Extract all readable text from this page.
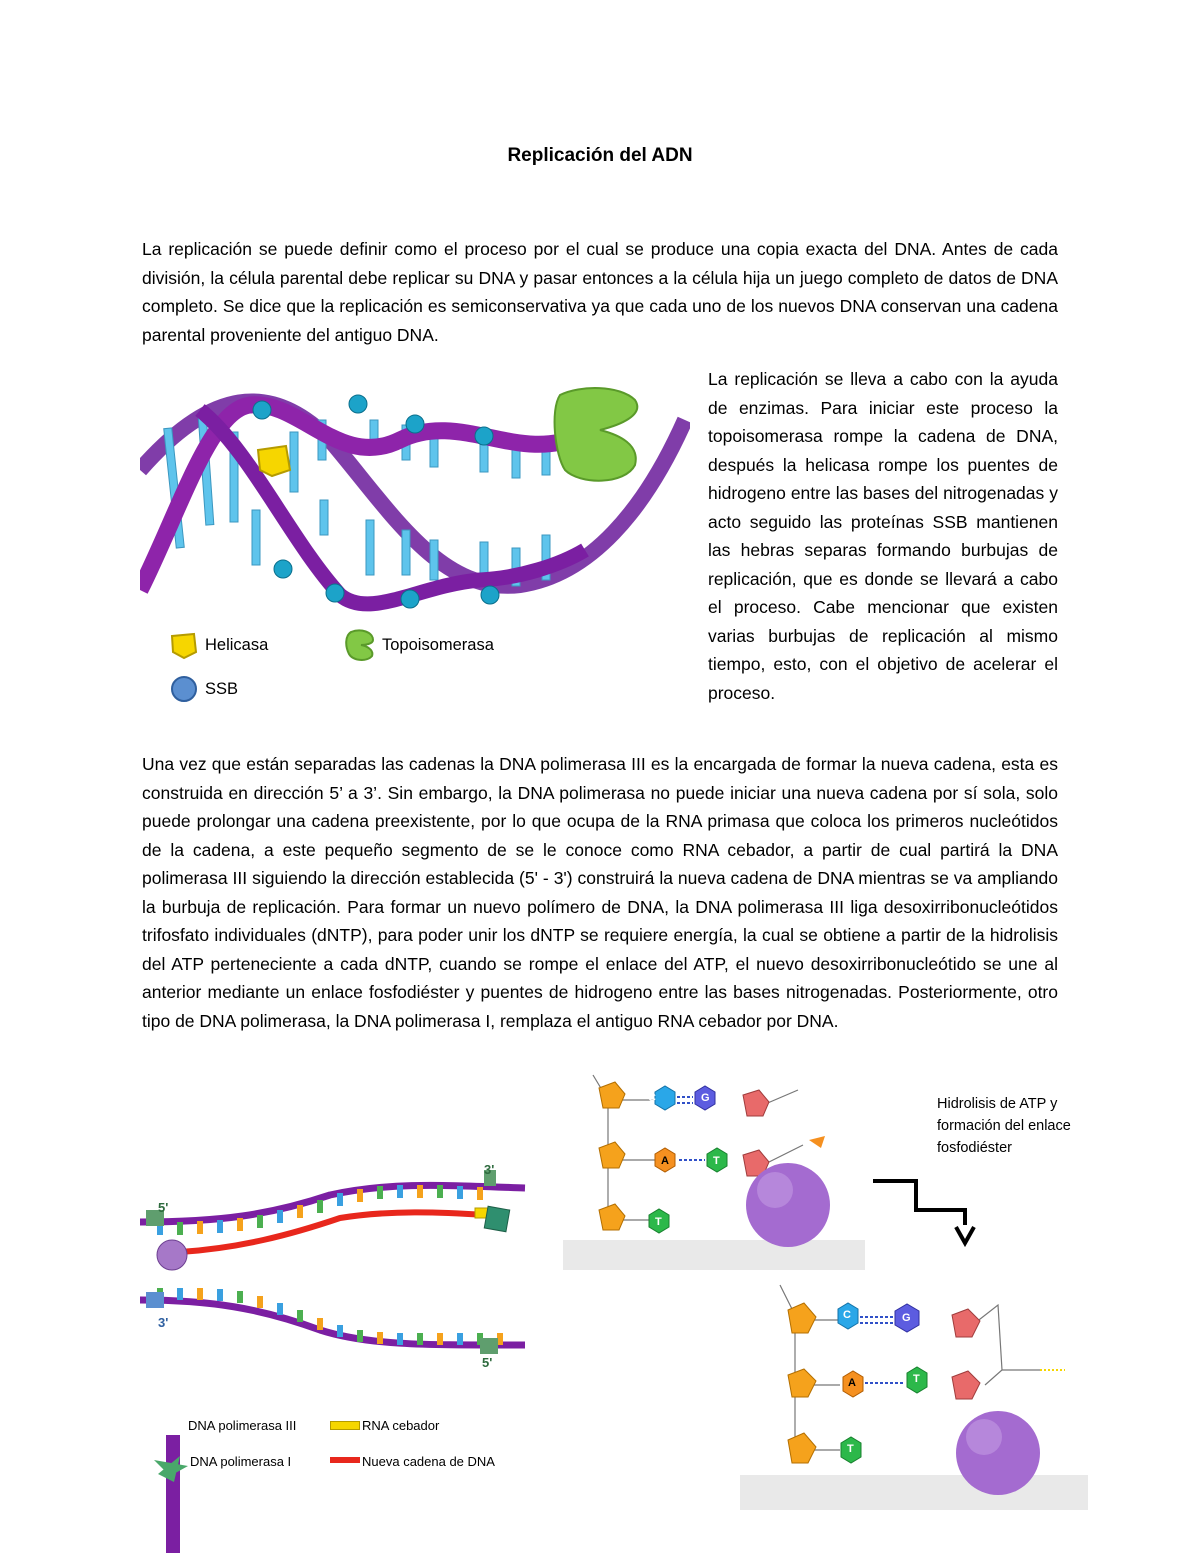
Replicación del ADN
La replicación se puede definir como el proceso por el cual se produce una copia exacta del DNA. Antes de cada división, la célula parental debe replicar su DNA y pasar entonces a la célula hija un juego completo de datos de DNA completo. Se dice que la replicación es semiconservativa ya que cada uno de los nuevos DNA conservan una cadena parental proveniente del antiguo DNA.
Helicasa	Topoisomerasa
SSB
La replicación se lleva a cabo con la ayuda de enzimas. Para iniciar este proceso la topoisomerasa rompe la cadena de DNA, después la helicasa rompe los puentes de hidrogeno entre las bases del nitrogenadas y acto seguido las proteínas SSB mantienen las hebras separas formando burbujas de replicación, que es donde se llevará a cabo el proceso. Cabe mencionar que existen varias burbujas de replicación al mismo tiempo, esto, con el objetivo de acelerar el proceso.
Una vez que están separadas las cadenas la DNA polimerasa III es la encargada de formar la nueva cadena, esta es construida en dirección 5’ a 3’. Sin embargo, la DNA polimerasa no puede iniciar una nueva cadena por sí sola, solo puede prolongar una cadena preexistente, por lo que ocupa de la RNA primasa que coloca los primeros nucleótidos de la cadena, a este pequeño segmento de se le conoce como RNA cebador, a partir de cual partirá la DNA polimerasa III siguiendo la dirección establecida (5' - 3') construirá la nueva cadena de DNA mientras se va ampliando la burbuja de replicación. Para formar un nuevo polímero de DNA, la DNA polimerasa III liga desoxirribonucleótidos trifosfato individuales (dNTP), para poder unir los dNTP se requiere energía, la cual se obtiene a partir de la hidrolisis del ATP perteneciente a cada dNTP, cuando se rompe el enlace del ATP, el nuevo desoxirribonucleótido se une al anterior mediante un enlace fosfodiéster y puentes de hidrogeno entre las bases nitrogenadas. Posteriormente, otro tipo de DNA polimerasa, la DNA polimerasa I, remplaza el antiguo RNA cebador por DNA.
5'
3'
3'
5'
DNA polimerasa III
DNA polimerasa I
RNA cebador
Nueva cadena de DNA
C	G
A	T
T
Hidrolisis de ATP y formación del enlace fosfodiéster
C	G
A	T
T
